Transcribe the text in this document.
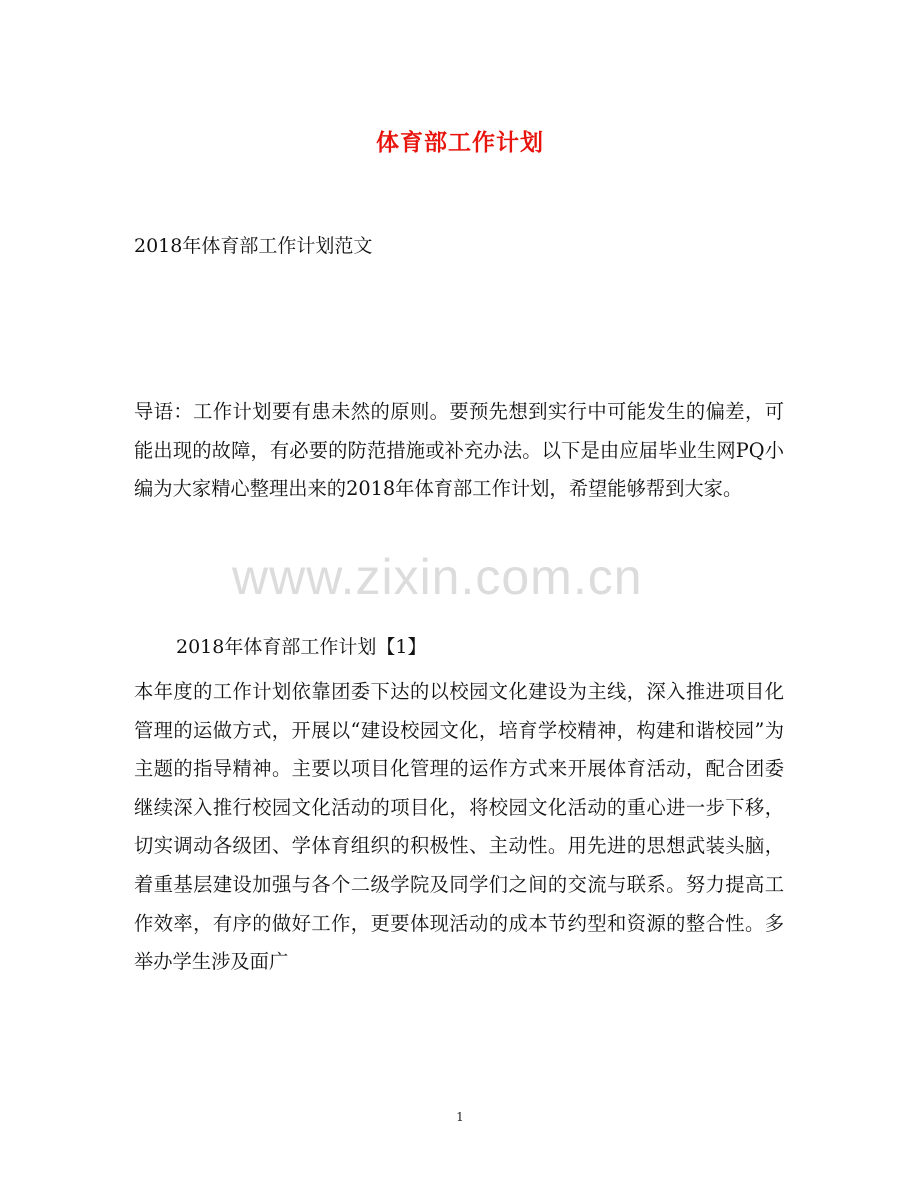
体育部工作计划
2018年体育部工作计划范文

导语：工作计划要有患未然的原则。要预先想到实行中可能发生的偏差，可能出现的故障，有必要的防范措施或补充办法。以下是由应届毕业生网PQ小编为大家精心整理出来的2018年体育部工作计划，希望能够帮到大家。

www.zixin.com.cn
2018年体育部工作计划【1】

本年度的工作计划依靠团委下达的以校园文化建设为主线，深入推进项目化管理的运做方式，开展以“建设校园文化，培育学校精神，构建和谐校园”为主题的指导精神。主要以项目化管理的运作方式来开展体育活动，配合团委继续深入推行校园文化活动的项目化，将校园文化活动的重心进一步下移，切实调动各级团、学体育组织的积极性、主动性。用先进的思想武装头脑，着重基层建设加强与各个二级学院及同学们之间的交流与联系。努力提高工作效率，有序的做好工作，更要体现活动的成本节约型和资源的整合性。多举办学生涉及面广

1
